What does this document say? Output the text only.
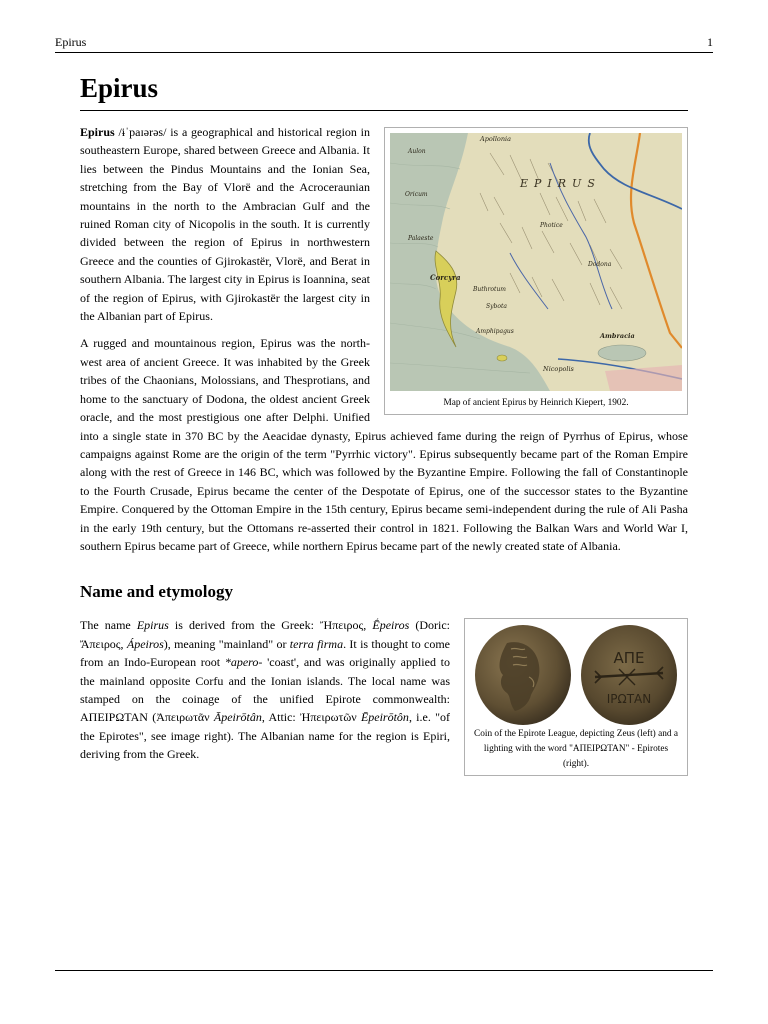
Epirus	1
Epirus
Apollonia
Aulon
Oricum
Palaeste
Corcyra
Buthrotum
Sybota
Amphipagus
Dodona
Ambracia
Nicopolis
Photice
EPIRUS
Map of ancient Epirus by Heinrich Kiepert, 1902.

Epirus /ɨˈpaɪərəs/ is a geographical and historical region in southeastern Europe, shared between Greece and Albania. It lies between the Pindus Mountains and the Ionian Sea, stretching from the Bay of Vlorë and the Acroceraunian mountains in the north to the Ambracian Gulf and the ruined Roman city of Nicopolis in the south. It is currently divided between the region of Epirus in northwestern Greece and the counties of Gjirokastër, Vlorë, and Berat in southern Albania. The largest city in Epirus is Ioannina, seat of the region of Epirus, with Gjirokastër the largest city in the Albanian part of Epirus.

A rugged and mountainous region, Epirus was the north-west area of ancient Greece. It was inhabited by the Greek tribes of the Chaonians, Molossians, and Thesprotians, and home to the sanctuary of Dodona, the oldest ancient Greek oracle, and the most prestigious one after Delphi. Unified into a single state in 370 BC by the Aeacidae dynasty, Epirus achieved fame during the reign of Pyrrhus of Epirus, whose campaigns against Rome are the origin of the term "Pyrrhic victory". Epirus subsequently became part of the Roman Empire along with the rest of Greece in 146 BC, which was followed by the Byzantine Empire. Following the fall of Constantinople to the Fourth Crusade, Epirus became the center of the Despotate of Epirus, one of the successor states to the Byzantine Empire. Conquered by the Ottoman Empire in the 15th century, Epirus became semi-independent during the rule of Ali Pasha in the early 19th century, but the Ottomans re-asserted their control in 1821. Following the Balkan Wars and World War I, southern Epirus became part of Greece, while northern Epirus became part of the newly created state of Albania.

Name and etymology
ΑΠΕ
ΙΡΩΤΑΝ
Coin of the Epirote League, depicting Zeus (left) and a lighting with the word "ΑΠΕΙΡΩΤΑΝ" - Epirotes (right).

The name Epirus is derived from the Greek: Ἤπειρος, Ḗpeiros (Doric: Ἄπειρος, Ápeiros), meaning "mainland" or terra firma. It is thought to come from an Indo-European root *apero- 'coast', and was originally applied to the mainland opposite Corfu and the Ionian islands. The local name was stamped on the coinage of the unified Epirote commonwealth: ΑΠΕΙΡΩΤΑΝ (Ἀπειρωτᾶν Āpeirōtân, Attic: Ἠπειρωτῶν Ēpeirōtôn, i.e. "of the Epirotes", see image right). The Albanian name for the region is Epiri, deriving from the Greek.
